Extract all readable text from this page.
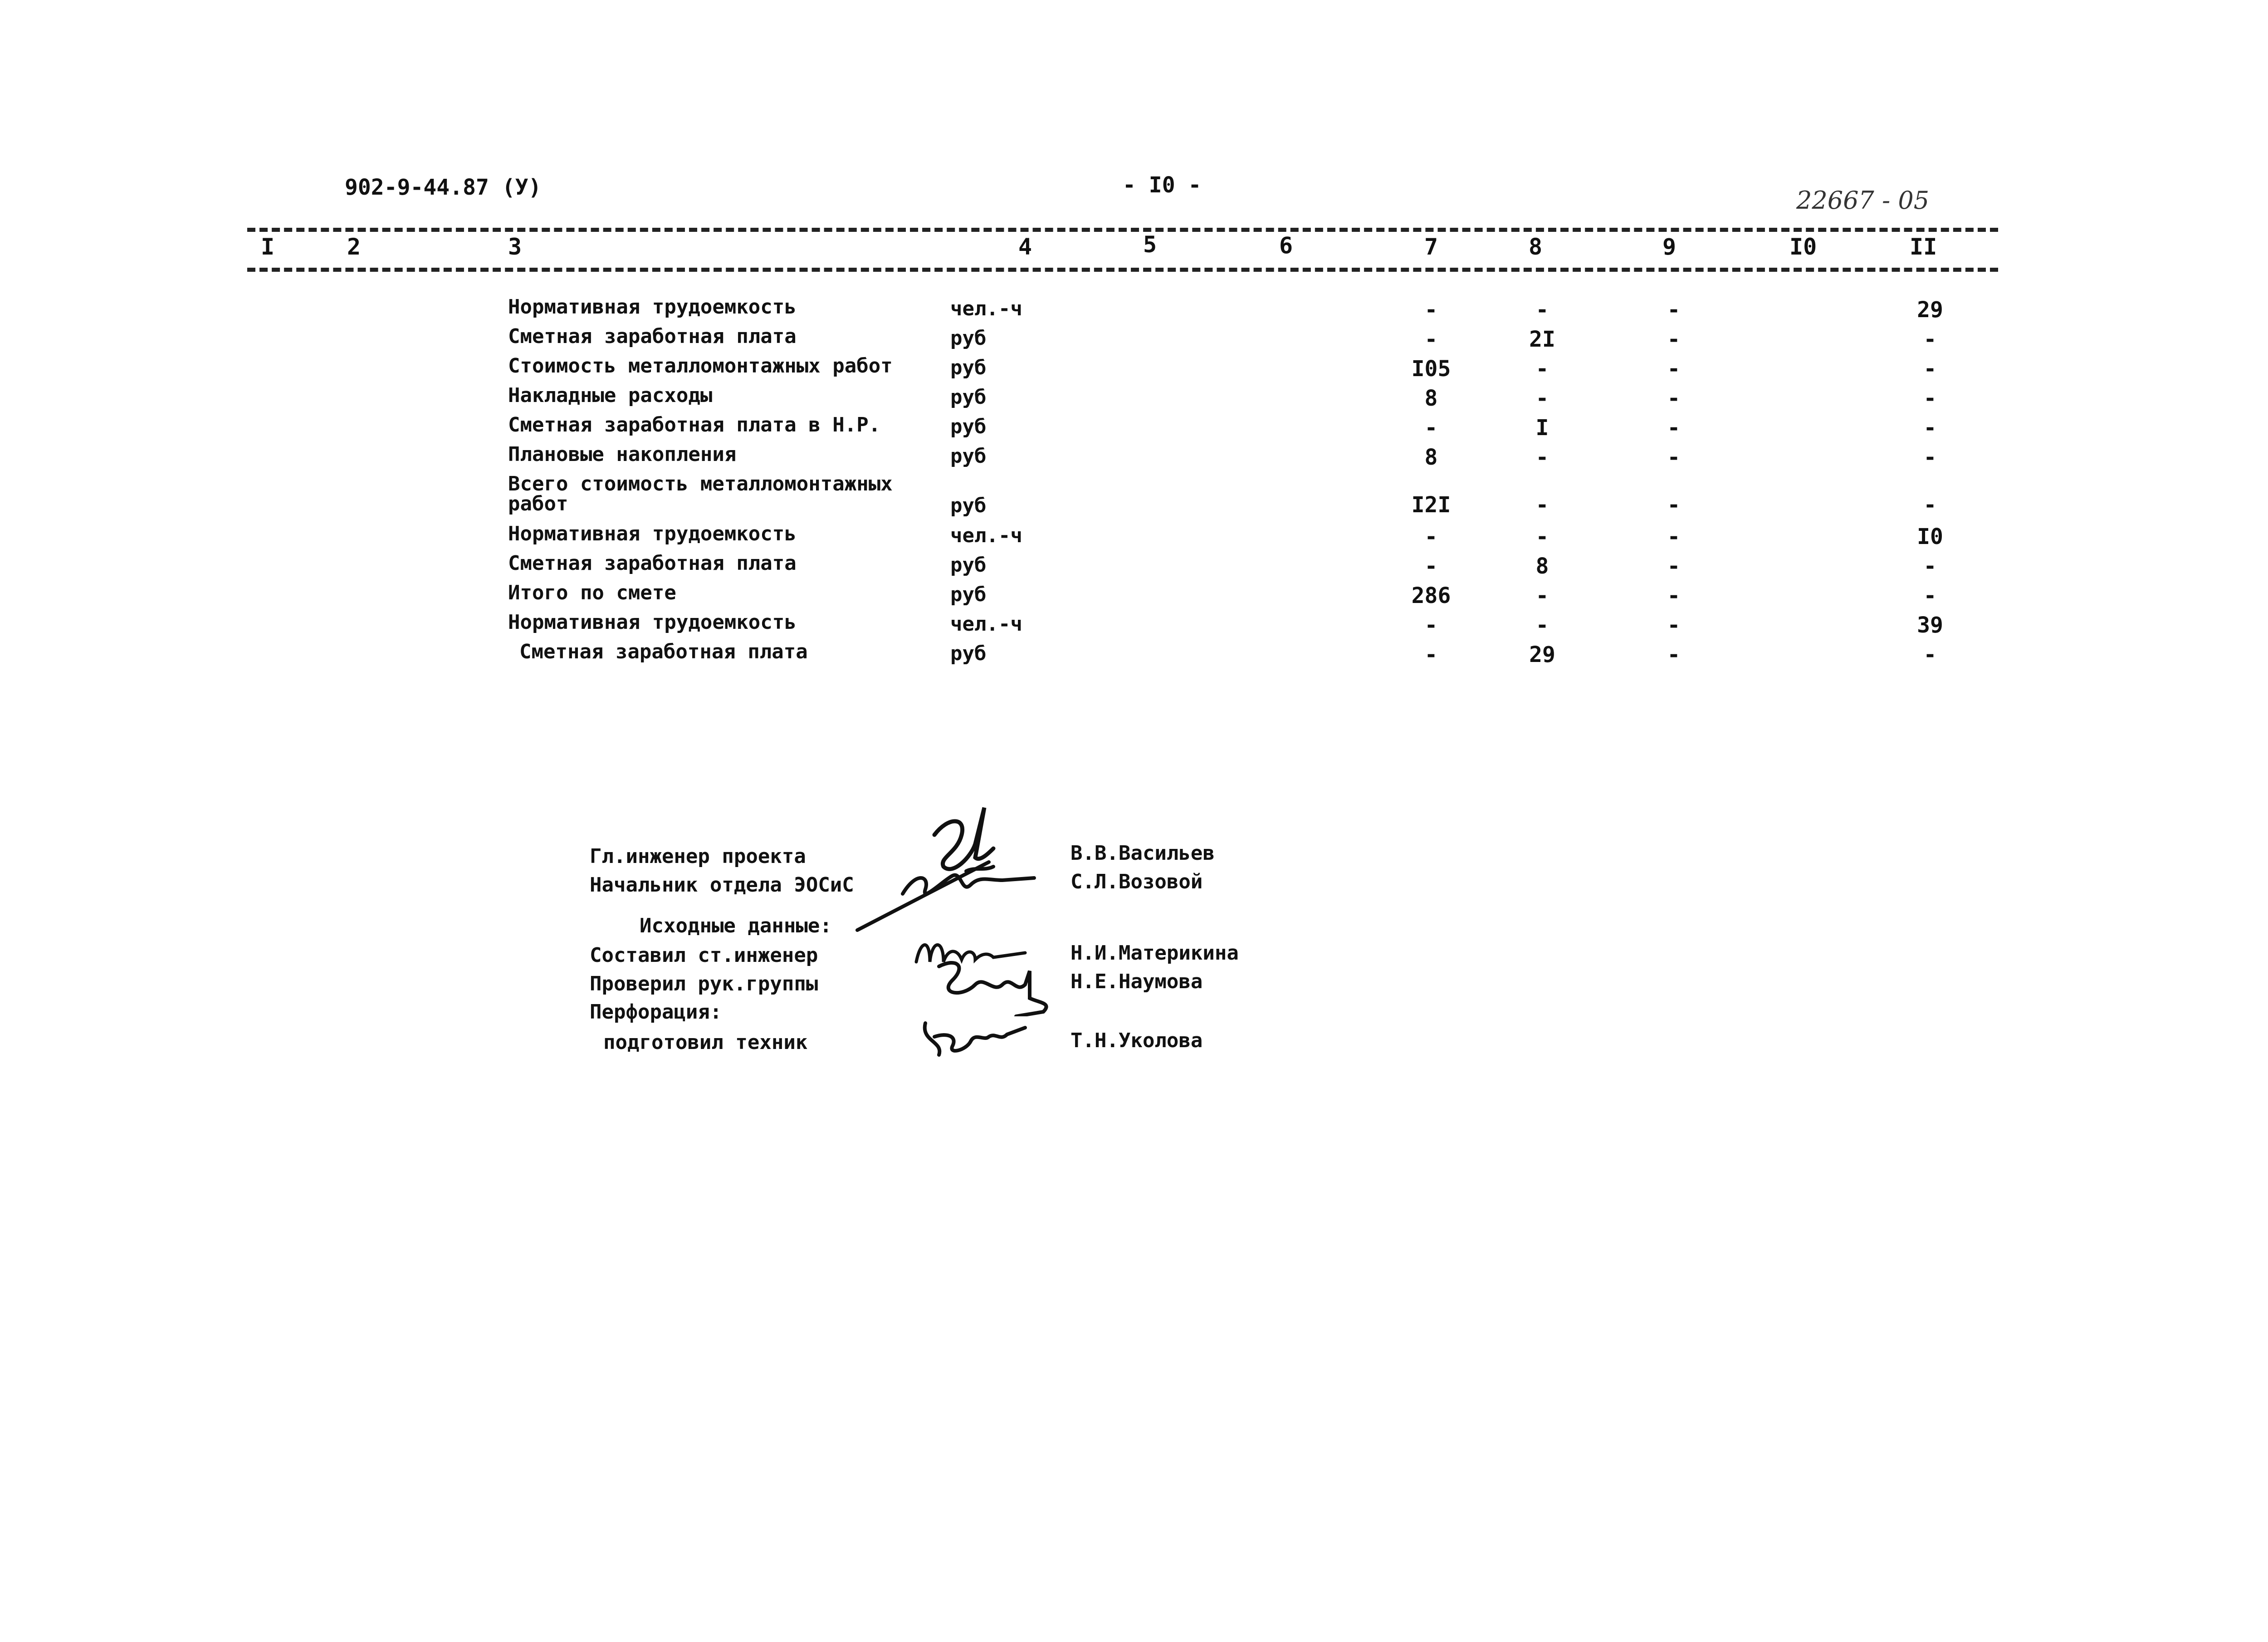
902-9-44.87 (У)	- I0 -
22667 - 05
I	2	3	4	5	6	7	8	9	I0	II
Нормативная трудоемкость	чел.-ч	-	-	-	29
Сметная заработная плата	руб	-	2I	-	-
Стоимость металломонтажных работ	руб	I05	-	-	-
Накладные расходы	руб	8	-	-	-
Сметная заработная плата в Н.Р.	руб	-	I	-	-
Плановые накопления	руб	8	-	-	-
Всего стоимость металломонтажных
работ	руб	I2I	-	-	-
Нормативная трудоемкость	чел.-ч	-	-	-	I0
Сметная заработная плата	руб	-	8	-	-
Итого по смете	руб	286	-	-	-
Нормативная трудоемкость	чел.-ч	-	-	-	39
Сметная заработная плата	руб	-	29	-	-
Гл.инженер проекта	В.В.Васильев
Начальник отдела ЭОСиС	С.Л.Возовой
Исходные данные:
Составил ст.инженер	Н.И.Материкина
Проверил рук.группы	Н.Е.Наумова
Перфорация:
подготовил техник	Т.Н.Уколова
